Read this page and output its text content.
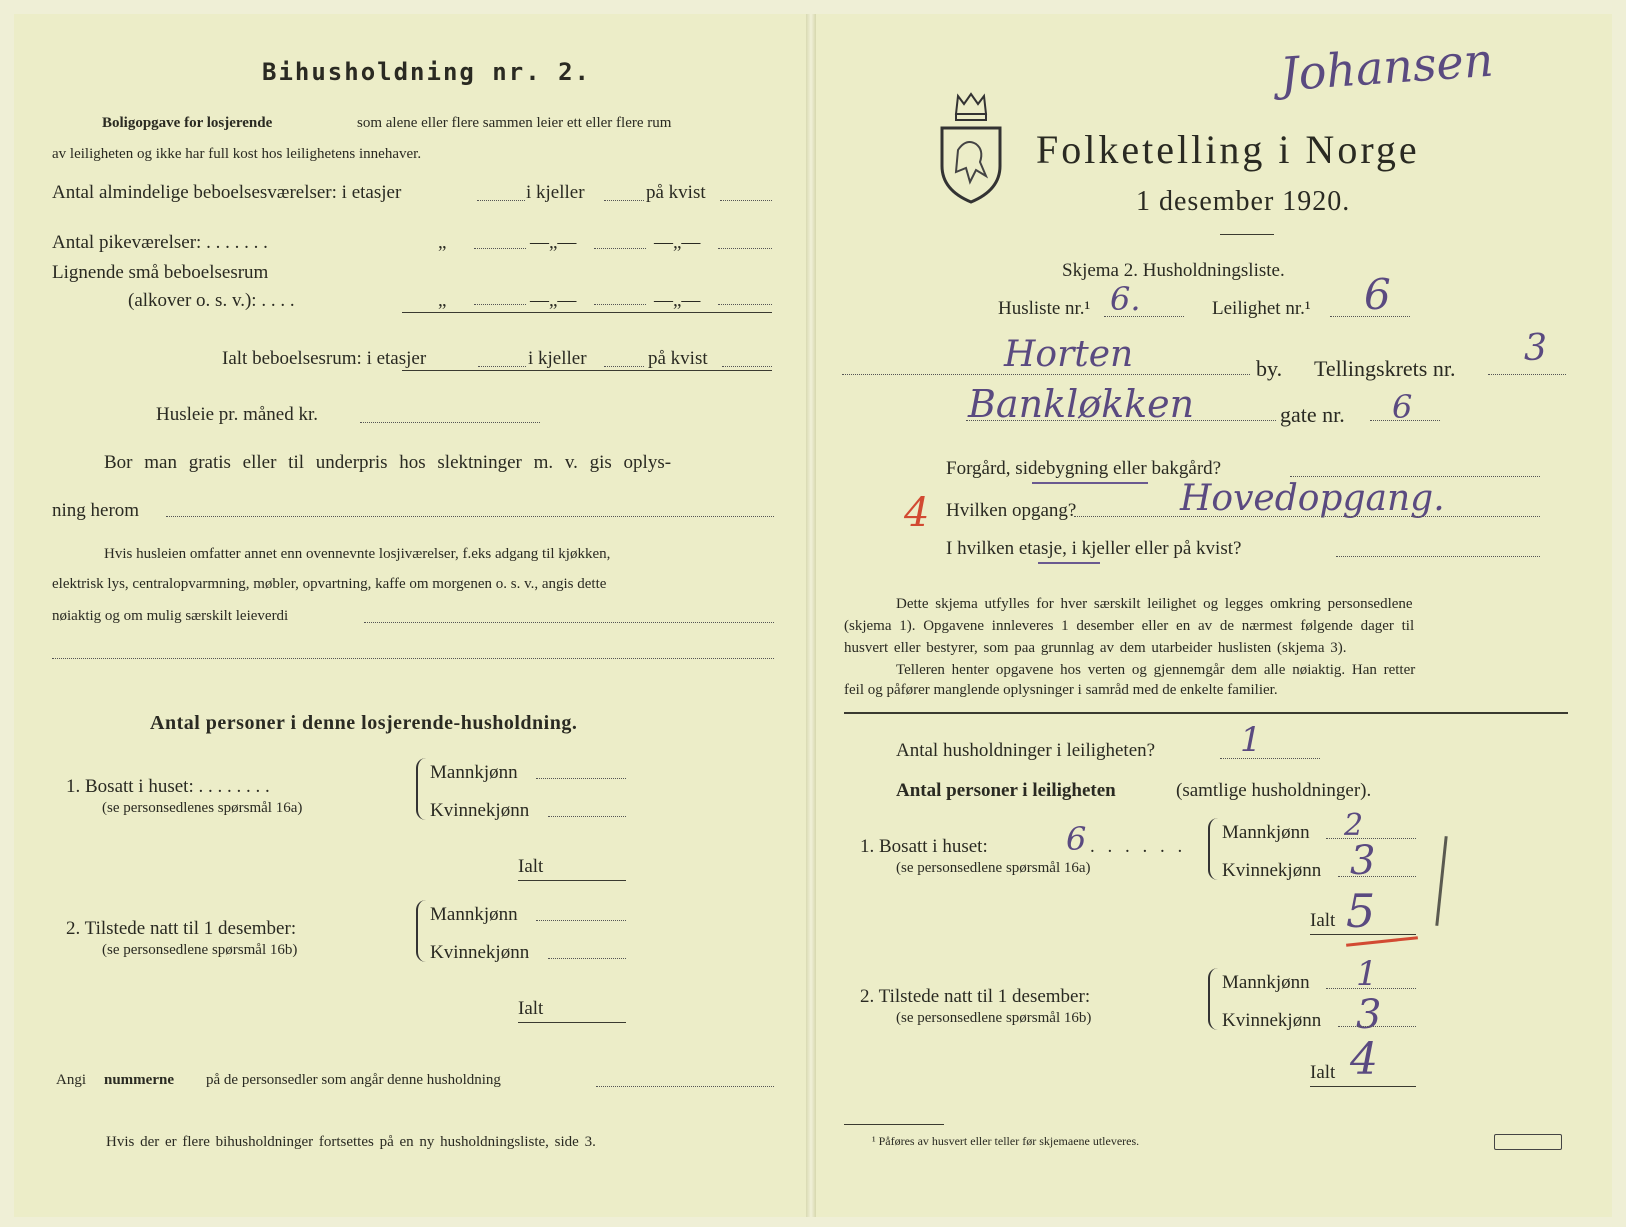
Bihusholdning nr. 2.
Boligopgave for losjerende	som alene eller flere sammen leier ett eller flere rum
av leiligheten og ikke har full kost hos leilighetens innehaver.
Antal almindelige beboelsesværelser: i etasjer	i kjeller	på kvist
Antal pikeværelser: . . . . . . .	„	—„—	—„—
Lignende små beboelsesrum
(alkover o. s. v.): . . . .	„	—„—	—„—
Ialt beboelsesrum: i etasjer	i kjeller	på kvist
Husleie pr. måned kr.
Bor man gratis eller til underpris hos slektninger m. v. gis oplys-
ning herom
Hvis husleien omfatter annet enn ovennevnte losjiværelser, f.eks adgang til kjøkken,
elektrisk lys, centralopvarmning, møbler, opvartning, kaffe om morgenen o. s. v., angis dette
nøiaktig og om mulig særskilt leieverdi
Antal personer i denne losjerende-husholdning.
1. Bosatt i huset: . . . . . . . .
(se personsedlenes spørsmål 16a)
Mannkjønn
Kvinnekjønn
Ialt
2. Tilstede natt til 1 desember:
(se personsedlene spørsmål 16b)
Mannkjønn
Kvinnekjønn
Ialt
Angi nummerne på de personsedler som angår denne husholdning
Hvis der er flere bihusholdninger fortsettes på en ny husholdningsliste, side 3.
Johansen
Folketelling i Norge
1 desember 1920.
Skjema 2. Husholdningsliste.
Husliste nr.¹ 6.	Leilighet nr.¹ 6
Horten	by. Tellingskrets nr. 3
Bankløkken	gate nr. 6
Forgård, sidebygning eller bakgård?
4 Hvilken opgang?	Hovedopgang.
I hvilken etasje, i kjeller eller på kvist?
Dette skjema utfylles for hver særskilt leilighet og legges omkring personsedlene
(skjema 1). Opgavene innleveres 1 desember eller en av de nærmest følgende dager til
husvert eller bestyrer, som paa grunnlag av dem utarbeider huslisten (skjema 3).
Telleren henter opgavene hos verten og gjennemgår dem alle nøiaktig. Han retter
feil og påfører manglende oplysninger i samråd med de enkelte familier.
Antal husholdninger i leiligheten? 1
Antal personer i leiligheten	(samtlige husholdninger).
1. Bosatt i huset: 6 . . . . . .
(se personsedlene spørsmål 16a)
Mannkjønn 2
Kvinnekjønn 3
Ialt 5
2. Tilstede natt til 1 desember:
(se personsedlene spørsmål 16b)
Mannkjønn 1
Kvinnekjønn 3
Ialt 4
¹ Påføres av husvert eller teller før skjemaene utleveres.
